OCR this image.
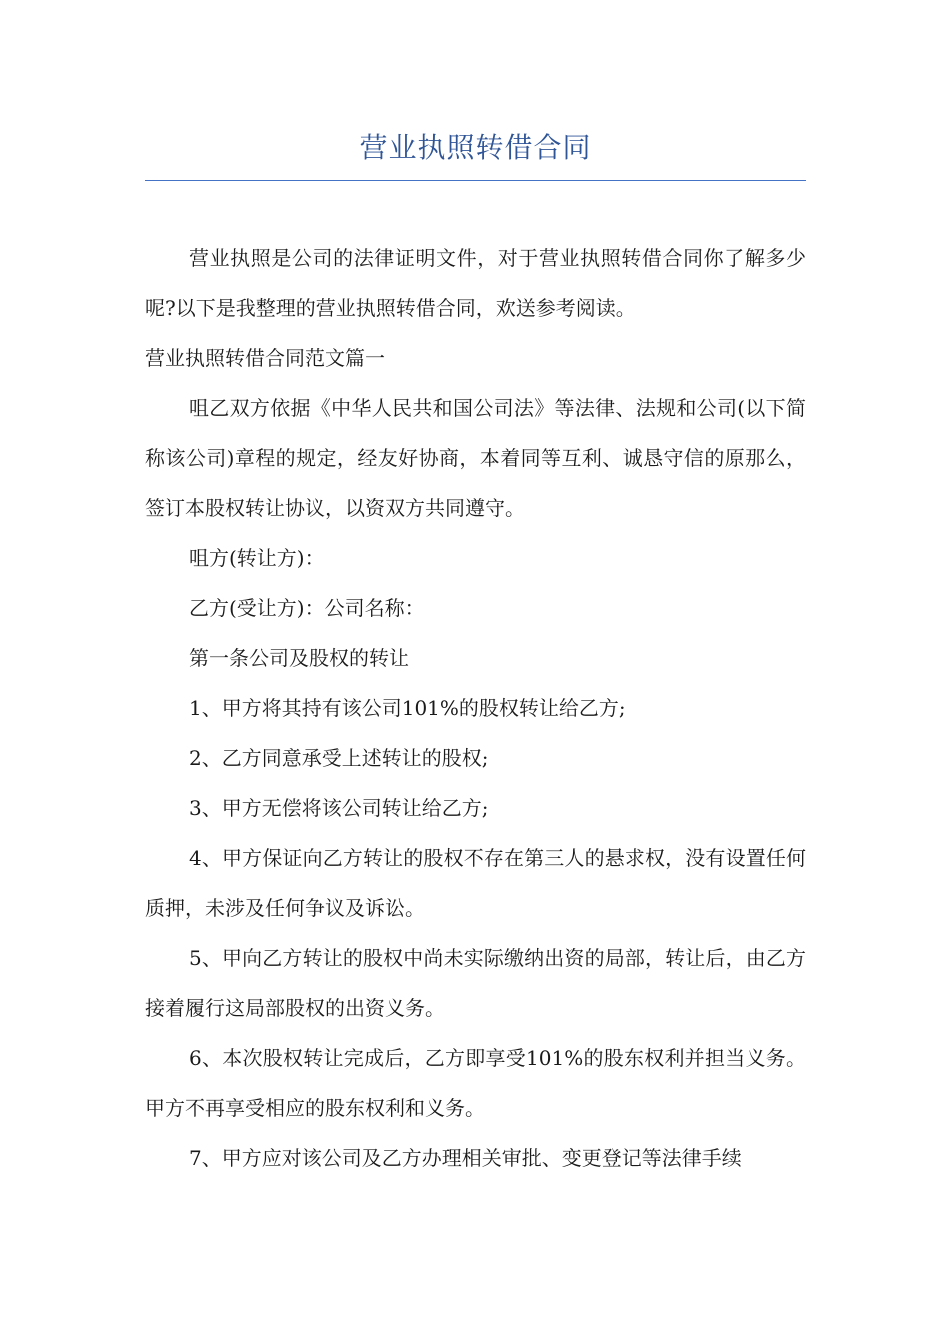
营业执照转借合同

营业执照是公司的法律证明文件，对于营业执照转借合同你了解多少呢?以下是我整理的营业执照转借合同，欢送参考阅读。

营业执照转借合同范文篇一

咀乙双方依据《中华人民共和国公司法》等法律、法规和公司(以下简称该公司)章程的规定，经友好协商，本着同等互利、诚恳守信的原那么，签订本股权转让协议，以资双方共同遵守。

咀方(转让方)：

乙方(受让方)：公司名称：

第一条公司及股权的转让

1、甲方将其持有该公司101%的股权转让给乙方;

2、乙方同意承受上述转让的股权;

3、甲方无偿将该公司转让给乙方;

4、甲方保证向乙方转让的股权不存在第三人的悬求权，没有设置任何质押，未涉及任何争议及诉讼。

5、甲向乙方转让的股权中尚未实际缴纳出资的局部，转让后，由乙方接着履行这局部股权的出资义务。

6、本次股权转让完成后，乙方即享受101%的股东权利并担当义务。甲方不再享受相应的股东权利和义务。

7、甲方应对该公司及乙方办理相关审批、变更登记等法律手续
